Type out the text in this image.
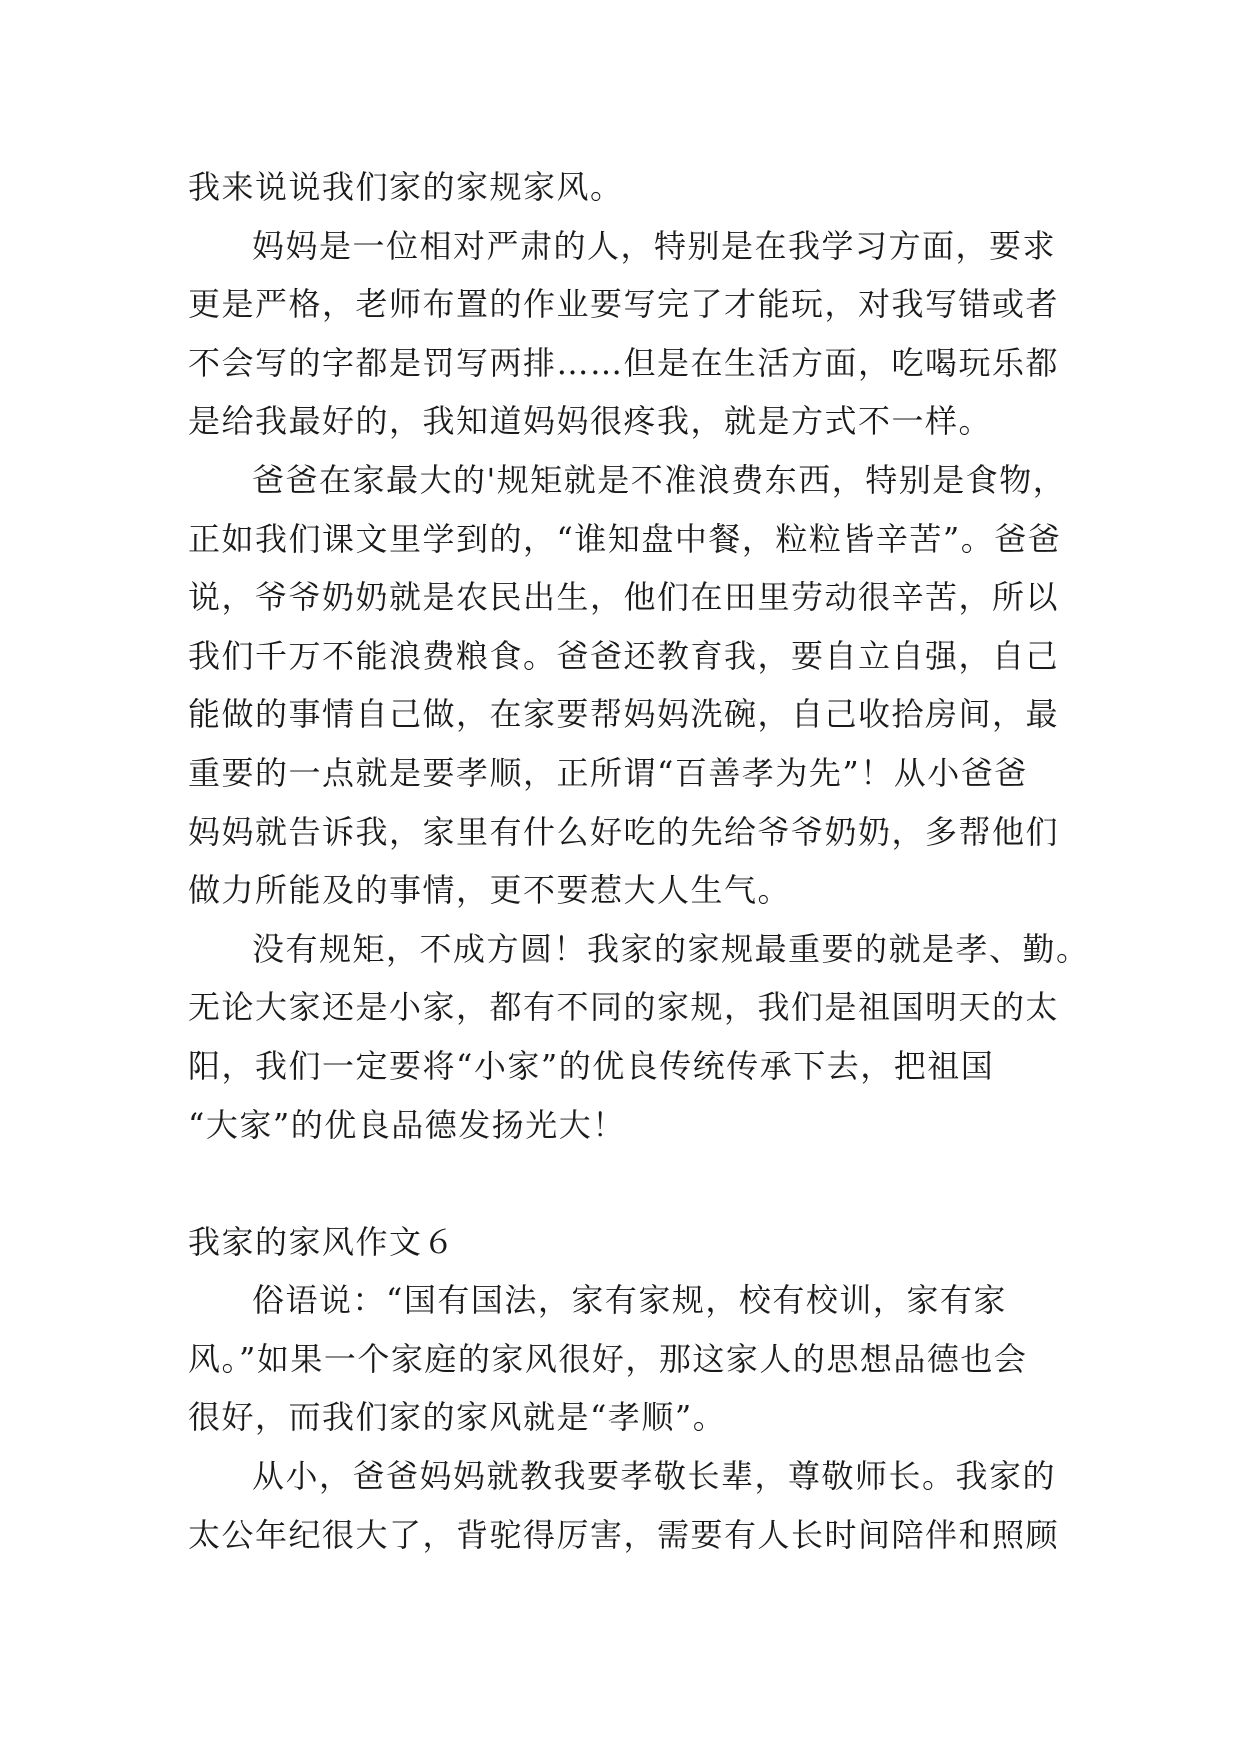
我来说说我们家的家规家风。
妈妈是一位相对严肃的人，特别是在我学习方面，要求
更是严格，老师布置的作业要写完了才能玩，对我写错或者
不会写的字都是罚写两排……但是在生活方面，吃喝玩乐都
是给我最好的，我知道妈妈很疼我，就是方式不一样。
爸爸在家最大的'规矩就是不准浪费东西，特别是食物，
正如我们课文里学到的，“谁知盘中餐，粒粒皆辛苦”。爸爸
说，爷爷奶奶就是农民出生，他们在田里劳动很辛苦，所以
我们千万不能浪费粮食。爸爸还教育我，要自立自强，自己
能做的事情自己做，在家要帮妈妈洗碗，自己收拾房间，最
重要的一点就是要孝顺，正所谓“百善孝为先”！从小爸爸
妈妈就告诉我，家里有什么好吃的先给爷爷奶奶，多帮他们
做力所能及的事情，更不要惹大人生气。
没有规矩，不成方圆！我家的家规最重要的就是孝、勤。
无论大家还是小家，都有不同的家规，我们是祖国明天的太
阳，我们一定要将“小家”的优良传统传承下去，把祖国
“大家”的优良品德发扬光大！
我家的家风作文６
俗语说：“国有国法，家有家规，校有校训，家有家
风。”如果一个家庭的家风很好，那这家人的思想品德也会
很好，而我们家的家风就是“孝顺”。
从小，爸爸妈妈就教我要孝敬长辈，尊敬师长。我家的
太公年纪很大了，背驼得厉害，需要有人长时间陪伴和照顾
